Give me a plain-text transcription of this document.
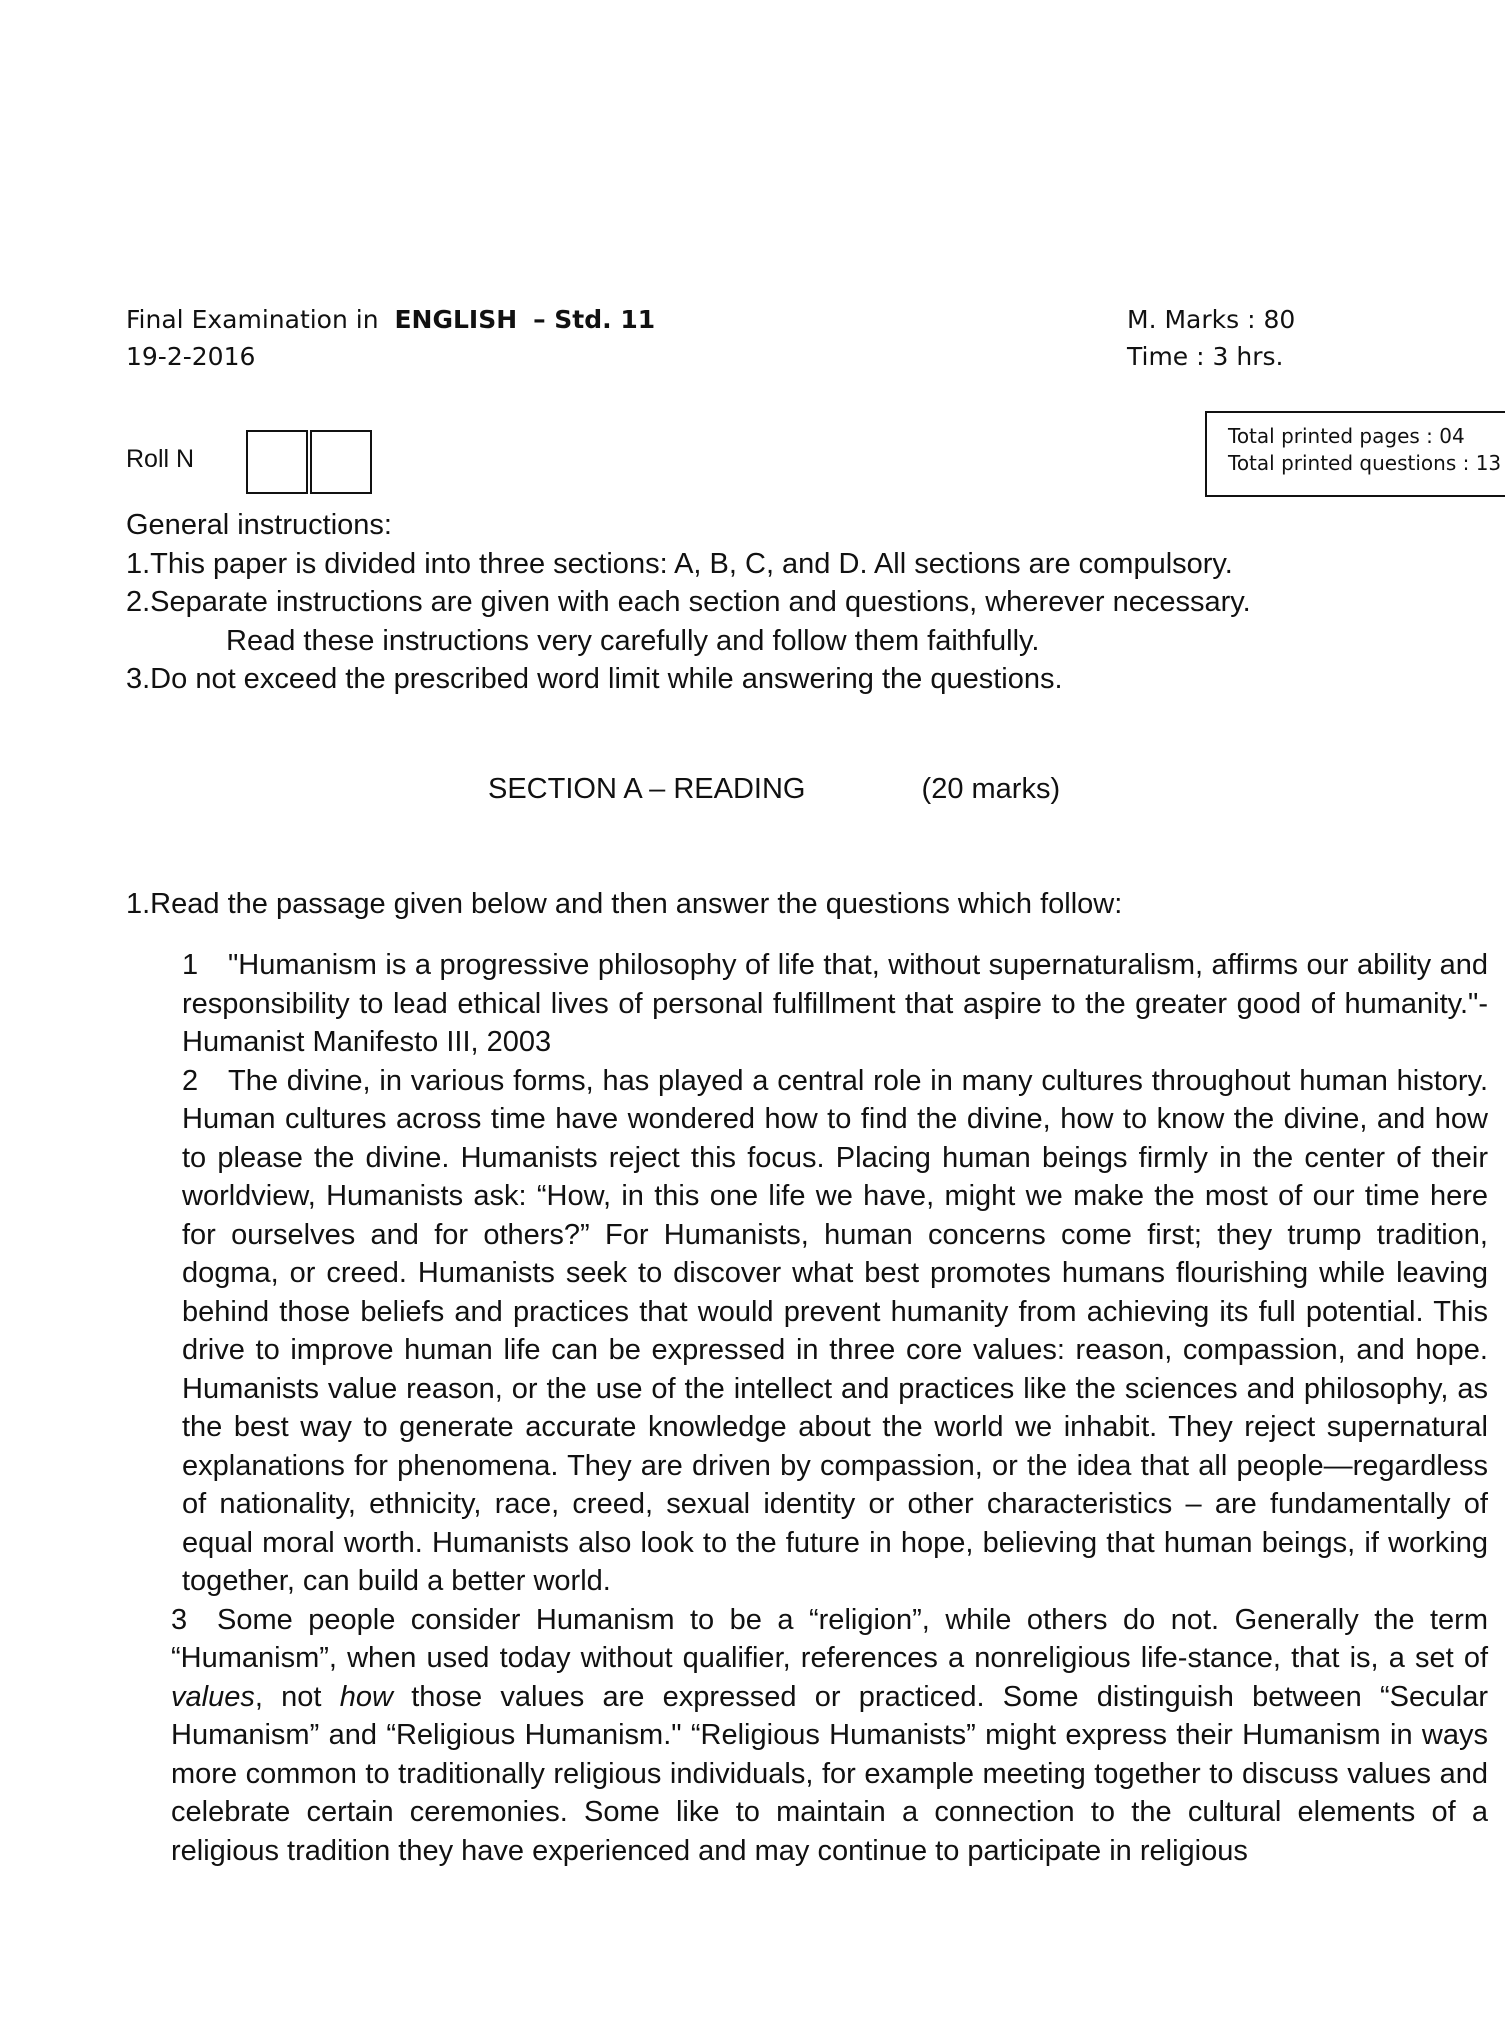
Final Examination in ENGLISH – Std. 11
19-2-2016
M. Marks : 80
Time : 3 hrs.
Roll N
Total printed pages : 04
Total printed questions : 13
General instructions:
1.This paper is divided into three sections: A, B, C, and D. All sections are compulsory.
2.Separate instructions are given with each section and questions, wherever necessary.
Read these instructions very carefully and follow them faithfully.
3.Do not exceed the prescribed word limit while answering the questions.
SECTION A – READING	(20 marks)
1.Read the passage given below and then answer the questions which follow:

1 "Humanism is a progressive philosophy of life that, without supernaturalism, affirms our ability and responsibility to lead ethical lives of personal fulfillment that aspire to the greater good of humanity."- Humanist Manifesto III, 2003

2 The divine, in various forms, has played a central role in many cultures throughout human history. Human cultures across time have wondered how to find the divine, how to know the divine, and how to please the divine. Humanists reject this focus. Placing human beings firmly in the center of their worldview, Humanists ask: “How, in this one life we have, might we make the most of our time here for ourselves and for others?” For Humanists, human concerns come first; they trump tradition, dogma, or creed. Humanists seek to discover what best promotes humans flourishing while leaving behind those beliefs and practices that would prevent humanity from achieving its full potential. This drive to improve human life can be expressed in three core values: reason, compassion, and hope. Humanists value reason, or the use of the intellect and practices like the sciences and philosophy, as the best way to generate accurate knowledge about the world we inhabit. They reject supernatural explanations for phenomena. They are driven by compassion, or the idea that all people—regardless of nationality, ethnicity, race, creed, sexual identity or other characteristics – are fundamentally of equal moral worth. Humanists also look to the future in hope, believing that human beings, if working together, can build a better world.

3 Some people consider Humanism to be a “religion”, while others do not. Generally the term “Humanism”, when used today without qualifier, references a nonreligious life-stance, that is, a set of values, not how those values are expressed or practiced. Some distinguish between “Secular Humanism” and “Religious Humanism." “Religious Humanists” might express their Humanism in ways more common to traditionally religious individuals, for example meeting together to discuss values and celebrate certain ceremonies. Some like to maintain a connection to the cultural elements of a religious tradition they have experienced and may continue to participate in religious
